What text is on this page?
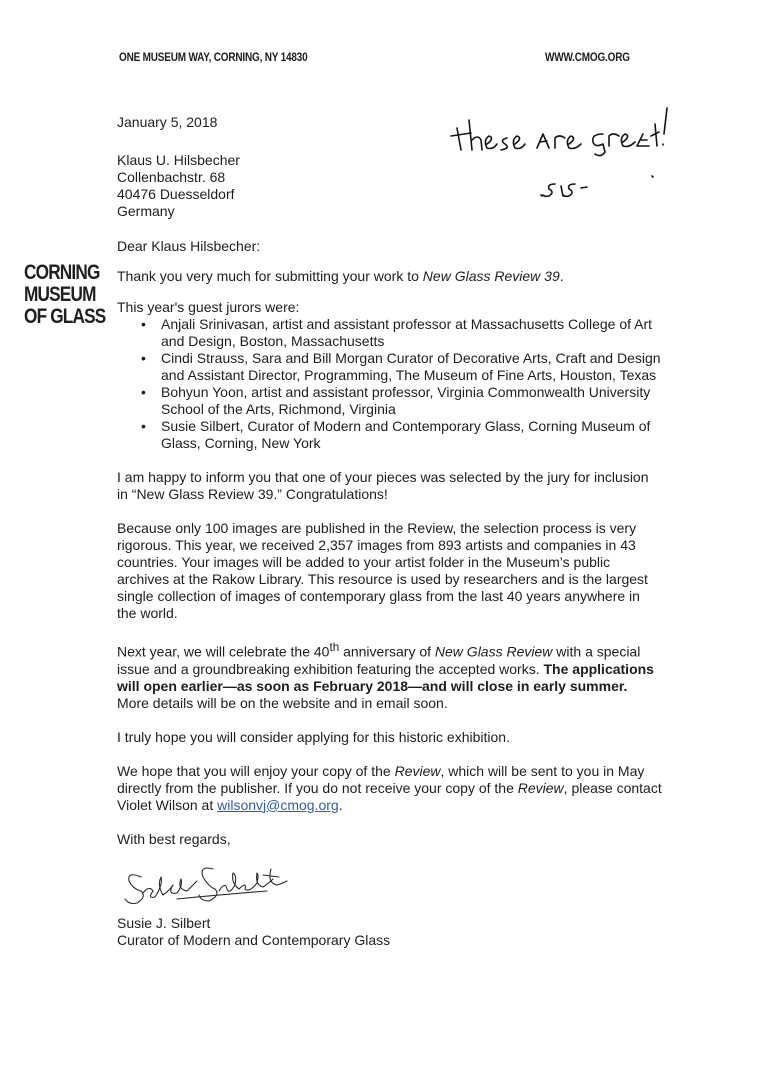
ONE MUSEUM WAY, CORNING, NY 14830	WWW.CMOG.ORG
CORNING
MUSEUM
OF GLASS

January 5, 2018

Klaus U. Hilsbecher
Collenbachstr. 68
40476 Duesseldorf
Germany

Dear Klaus Hilsbecher:

Thank you very much for submitting your work to New Glass Review 39.

This year's guest jurors were:

• Anjali Srinivasan, artist and assistant professor at Massachusetts College of Art and Design, Boston, Massachusetts
• Cindi Strauss, Sara and Bill Morgan Curator of Decorative Arts, Craft and Design and Assistant Director, Programming, The Museum of Fine Arts, Houston, Texas
• Bohyun Yoon, artist and assistant professor, Virginia Commonwealth University School of the Arts, Richmond, Virginia
• Susie Silbert, Curator of Modern and Contemporary Glass, Corning Museum of Glass, Corning, New York

I am happy to inform you that one of your pieces was selected by the jury for inclusion in “New Glass Review 39.” Congratulations!

Because only 100 images are published in the Review, the selection process is very rigorous. This year, we received 2,357 images from 893 artists and companies in 43 countries. Your images will be added to your artist folder in the Museum’s public archives at the Rakow Library. This resource is used by researchers and is the largest single collection of images of contemporary glass from the last 40 years anywhere in the world.

Next year, we will celebrate the 40th anniversary of New Glass Review with a special issue and a groundbreaking exhibition featuring the accepted works. The applications will open earlier—as soon as February 2018—and will close in early summer. More details will be on the website and in email soon.

I truly hope you will consider applying for this historic exhibition.

We hope that you will enjoy your copy of the Review, which will be sent to you in May directly from the publisher. If you do not receive your copy of the Review, please contact Violet Wilson at wilsonvj@cmog.org.

With best regards,

Susie J. Silbert

Curator of Modern and Contemporary Glass
